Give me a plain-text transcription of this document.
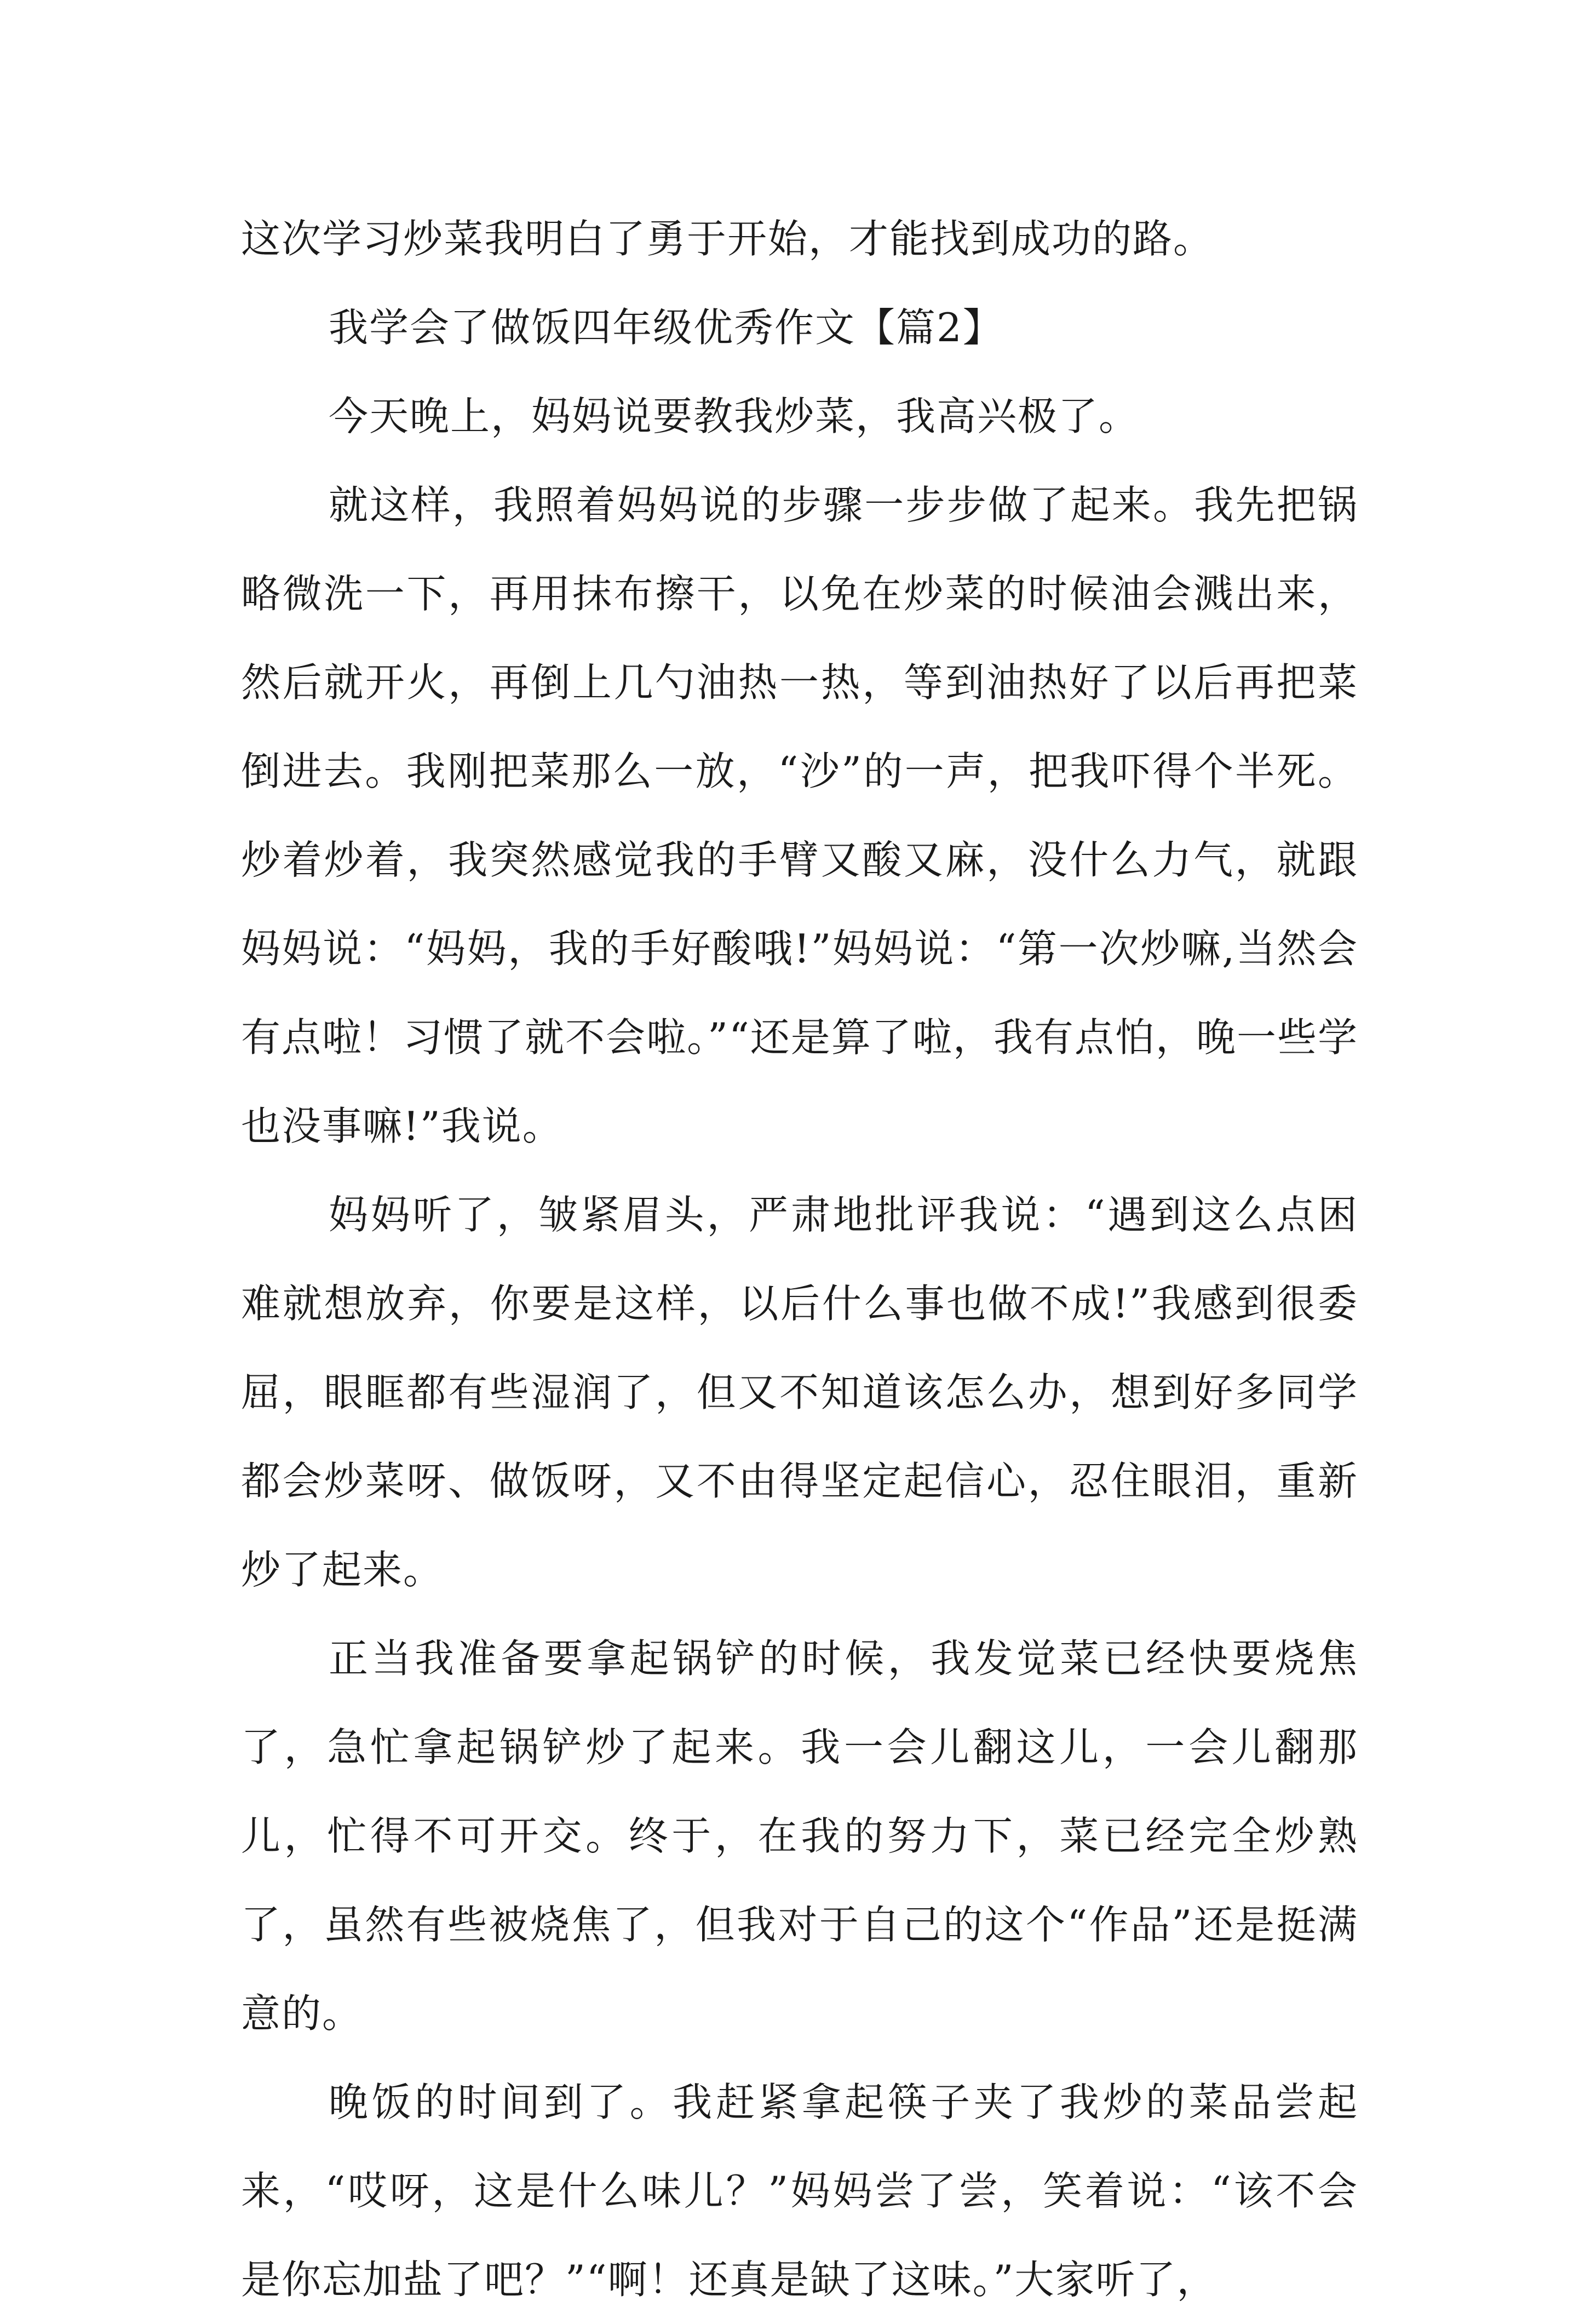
这次学习炒菜我明白了勇于开始，才能找到成功的路。

我学会了做饭四年级优秀作文【篇2】

今天晚上，妈妈说要教我炒菜，我高兴极了。

就这样，我照着妈妈说的步骤一步步做了起来。我先把锅略微洗一下，再用抹布擦干，以免在炒菜的时候油会溅出来，然后就开火，再倒上几勺油热一热，等到油热好了以后再把菜倒进去。我刚把菜那么一放，“沙”的一声，把我吓得个半死。炒着炒着，我突然感觉我的手臂又酸又麻，没什么力气，就跟妈妈说：“妈妈，我的手好酸哦!”妈妈说：“第一次炒嘛,当然会有点啦！习惯了就不会啦。”“还是算了啦，我有点怕，晚一些学也没事嘛!”我说。

妈妈听了，皱紧眉头，严肃地批评我说：“遇到这么点困难就想放弃，你要是这样，以后什么事也做不成!”我感到很委屈，眼眶都有些湿润了，但又不知道该怎么办，想到好多同学都会炒菜呀、做饭呀，又不由得坚定起信心，忍住眼泪，重新炒了起来。

正当我准备要拿起锅铲的时候，我发觉菜已经快要烧焦了，急忙拿起锅铲炒了起来。我一会儿翻这儿，一会儿翻那儿，忙得不可开交。终于，在我的努力下，菜已经完全炒熟了，虽然有些被烧焦了，但我对于自己的这个“作品”还是挺满意的。

晚饭的时间到了。我赶紧拿起筷子夹了我炒的菜品尝起来，“哎呀，这是什么味儿？”妈妈尝了尝，笑着说：“该不会是你忘加盐了吧？”“啊！还真是缺了这味。”大家听了，
